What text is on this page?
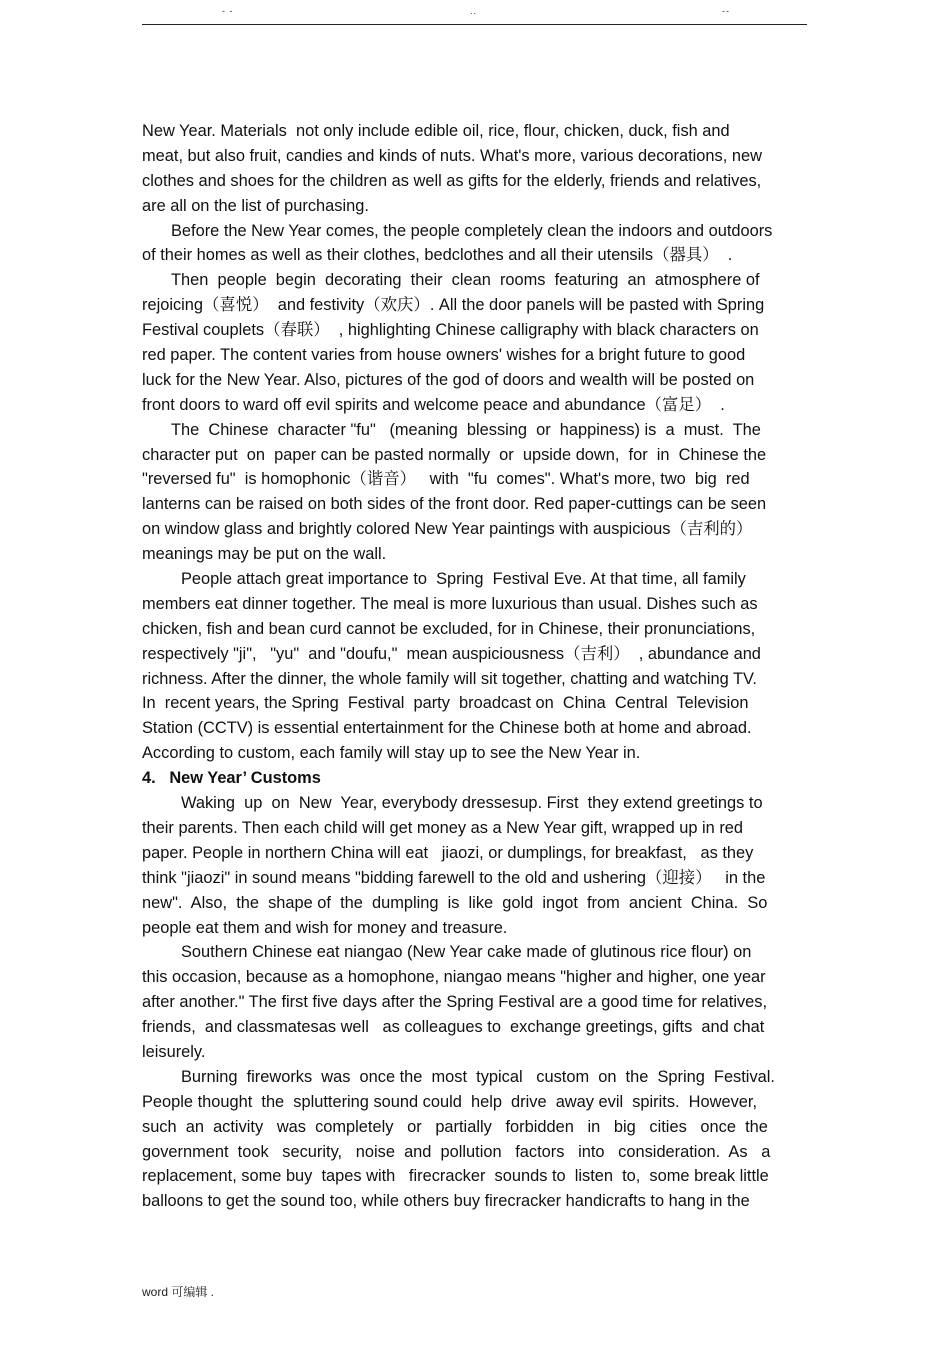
- -	..	--
New Year. Materials  not only include edible oil, rice, flour, chicken, duck, fish and
meat, but also fruit, candies and kinds of nuts. What's more, various decorations, new
clothes and shoes for the children as well as gifts for the elderly, friends and relatives,
are all on the list of purchasing.
Before the New Year comes, the people completely clean the indoors and outdoors
of their homes as well as their clothes, bedclothes and all their utensils（器具）  .
Then  people  begin  decorating  their  clean  rooms  featuring  an  atmosphere of
rejoicing（喜悦）  and festivity（欢庆）. All the door panels will be pasted with Spring
Festival couplets（春联）  , highlighting Chinese calligraphy with black characters on
red paper. The content varies from house owners' wishes for a bright future to good
luck for the New Year. Also, pictures of the god of doors and wealth will be posted on
front doors to ward off evil spirits and welcome peace and abundance（富足）  .
The  Chinese  character "fu"   (meaning  blessing  or  happiness) is  a  must.  The
character put  on  paper can be pasted normally  or  upside down,  for  in  Chinese the
"reversed fu"  is homophonic（谐音）   with  "fu  comes". What's more, two  big  red
lanterns can be raised on both sides of the front door. Red paper-cuttings can be seen
on window glass and brightly colored New Year paintings with auspicious（吉利的）
meanings may be put on the wall.
People attach great importance to  Spring  Festival Eve. At that time, all family
members eat dinner together. The meal is more luxurious than usual. Dishes such as
chicken, fish and bean curd cannot be excluded, for in Chinese, their pronunciations,
respectively "ji",   "yu"  and "doufu,"  mean auspiciousness（吉利）  , abundance and
richness. After the dinner, the whole family will sit together, chatting and watching TV.
In  recent years, the Spring  Festival  party  broadcast on  China  Central  Television
Station (CCTV) is essential entertainment for the Chinese both at home and abroad.
According to custom, each family will stay up to see the New Year in.
4.   New Year’ Customs
Waking  up  on  New  Year, everybody dressesup. First  they extend greetings to
their parents. Then each child will get money as a New Year gift, wrapped up in red
paper. People in northern China will eat   jiaozi, or dumplings, for breakfast,   as they
think "jiaozi" in sound means "bidding farewell to the old and ushering（迎接）   in the
new".  Also,  the  shape of  the  dumpling  is  like  gold  ingot  from  ancient  China.  So
people eat them and wish for money and treasure.
Southern Chinese eat niangao (New Year cake made of glutinous rice flour) on
this occasion, because as a homophone, niangao means "higher and higher, one year
after another." The first five days after the Spring Festival are a good time for relatives,
friends,  and classmatesas well   as colleagues to  exchange greetings, gifts  and chat
leisurely.
Burning  fireworks  was  once the  most  typical   custom  on  the  Spring  Festival.
People thought  the  spluttering sound could  help  drive  away evil  spirits.  However,
such  an  activity   was  completely   or   partially   forbidden   in   big   cities   once  the
government  took   security,   noise  and  pollution   factors   into   consideration.  As   a
replacement, some buy  tapes with   firecracker  sounds to  listen  to,  some break little
balloons to get the sound too, while others buy firecracker handicrafts to hang in the
word 可编辑 .
